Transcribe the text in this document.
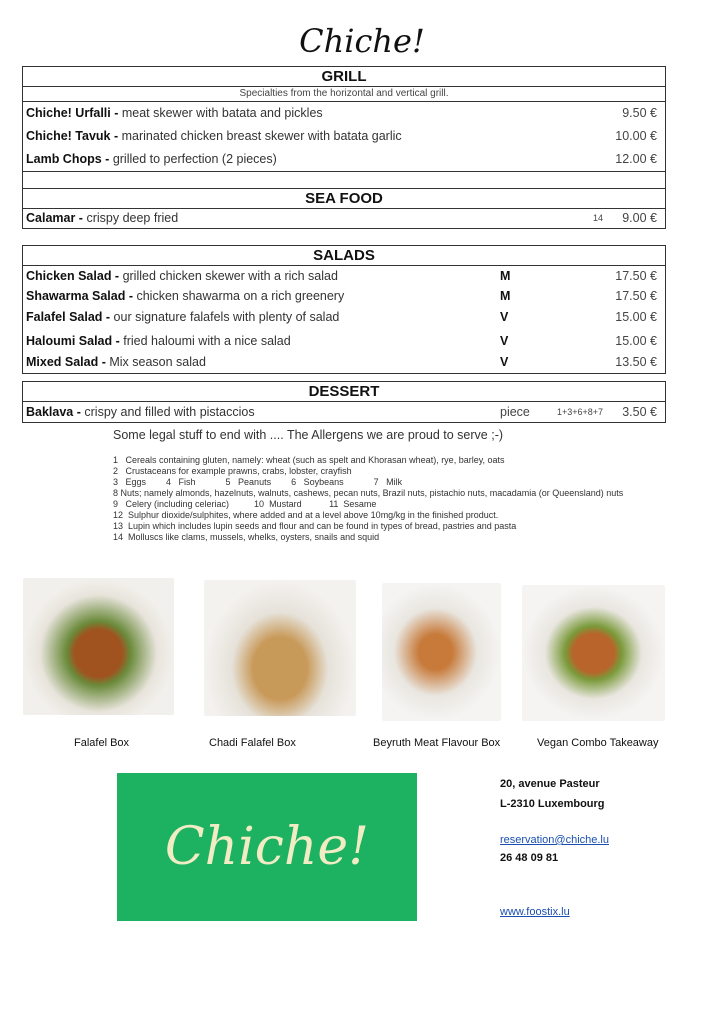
Chiche!
GRILL
Specialties from the horizontal and vertical grill.
Chiche! Urfalli - meat skewer with batata and pickles	9.50 €
Chiche! Tavuk - marinated chicken breast skewer with batata garlic	10.00 €
Lamb Chops - grilled to perfection (2 pieces)	12.00 €
SEA FOOD
Calamar - crispy deep fried	14 9.00 €
SALADS
Chicken Salad - grilled chicken skewer with a rich salad	M	17.50 €
Shawarma Salad - chicken shawarma on a rich greenery	M	17.50 €
Falafel Salad - our signature falafels with plenty of salad	V	15.00 €
Haloumi Salad - fried haloumi with a nice salad	V	15.00 €
Mixed Salad - Mix season salad	V	13.50 €
DESSERT
Baklava - crispy and filled with pistaccios	piece	1+3+6+8+7 3.50 €
Some legal stuff to end with .... The Allergens we are proud to serve ;-)
1   Cereals containing gluten, namely: wheat (such as spelt and Khorasan wheat), rye, barley, oats
2   Crustaceans for example prawns, crabs, lobster, crayfish
3   Eggs        4   Fish            5   Peanuts        6   Soybeans            7   Milk
8 Nuts; namely almonds, hazelnuts, walnuts, cashews, pecan nuts, Brazil nuts, pistachio nuts, macadamia (or Queensland) nuts
9   Celery (including celeriac)          10  Mustard           11  Sesame
12  Sulphur dioxide/sulphites, where added and at a level above 10mg/kg in the finished product.
13  Lupin which includes lupin seeds and flour and can be found in types of bread, pastries and pasta
14  Molluscs like clams, mussels, whelks, oysters, snails and squid
Falafel Box	Chadi Falafel Box	Beyruth Meat Flavour Box	Vegan Combo Takeaway
Chiche!
20, avenue Pasteur
L-2310 Luxembourg
reservation@chiche.lu
26 48 09 81
www.foostix.lu
